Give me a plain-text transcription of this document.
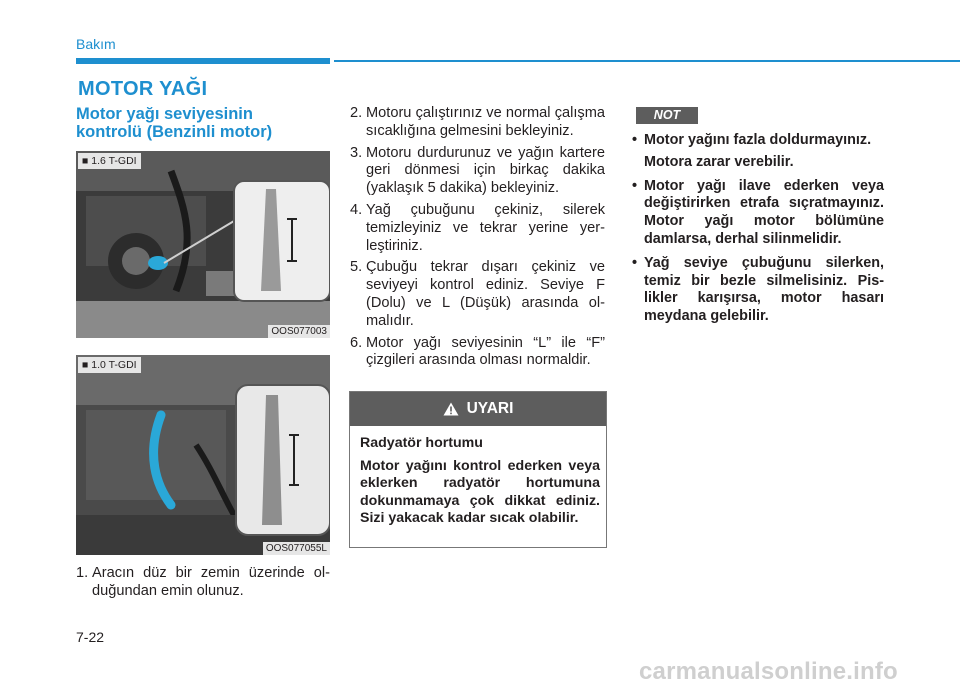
Bakım
MOTOR YAĞI
Motor yağı seviyesinin
kontrolü (Benzinli motor)
■ 1.6 T-GDI
OOS077003
■ 1.0 T-GDI
OOS077055L
1. Aracın düz bir zemin üzerinde olduğundan emin olunuz.
2. Motoru çalıştırınız ve normal çalışma sıcaklığına gelmesini bekleyiniz.
3. Motoru durdurunuz ve yağın kartere geri dönmesi için birkaç dakika (yaklaşık 5 dakika) bekleyiniz.
4. Yağ çubuğunu çekiniz, silerek temizleyiniz ve tekrar yerine yerleştiriniz.
5. Çubuğu tekrar dışarı çekiniz ve seviyeyi kontrol ediniz. Seviye F (Dolu) ve L (Düşük) arasında olmalıdır.
6. Motor yağı seviyesinin “L” ile “F” çizgileri arasında olması normaldir.
UYARI

Radyatör hortumu

Motor yağını kontrol ederken veya eklerken radyatör hortumuna dokunmamaya çok dikkat ediniz. Sizi yakacak kadar sıcak olabilir.

NOT
• Motor yağını fazla doldurmayınız.
Motora zarar verebilir.
• Motor yağı ilave ederken veya değiştirirken etrafa sıçratmayınız. Motor yağı motor bölümüne damlarsa, derhal silinmelidir.
• Yağ seviye çubuğunu silerken, temiz bir bezle silmelisiniz. Pislikler karışırsa, motor hasarı meydana gelebilir.
7-22
carmanualsonline.info
